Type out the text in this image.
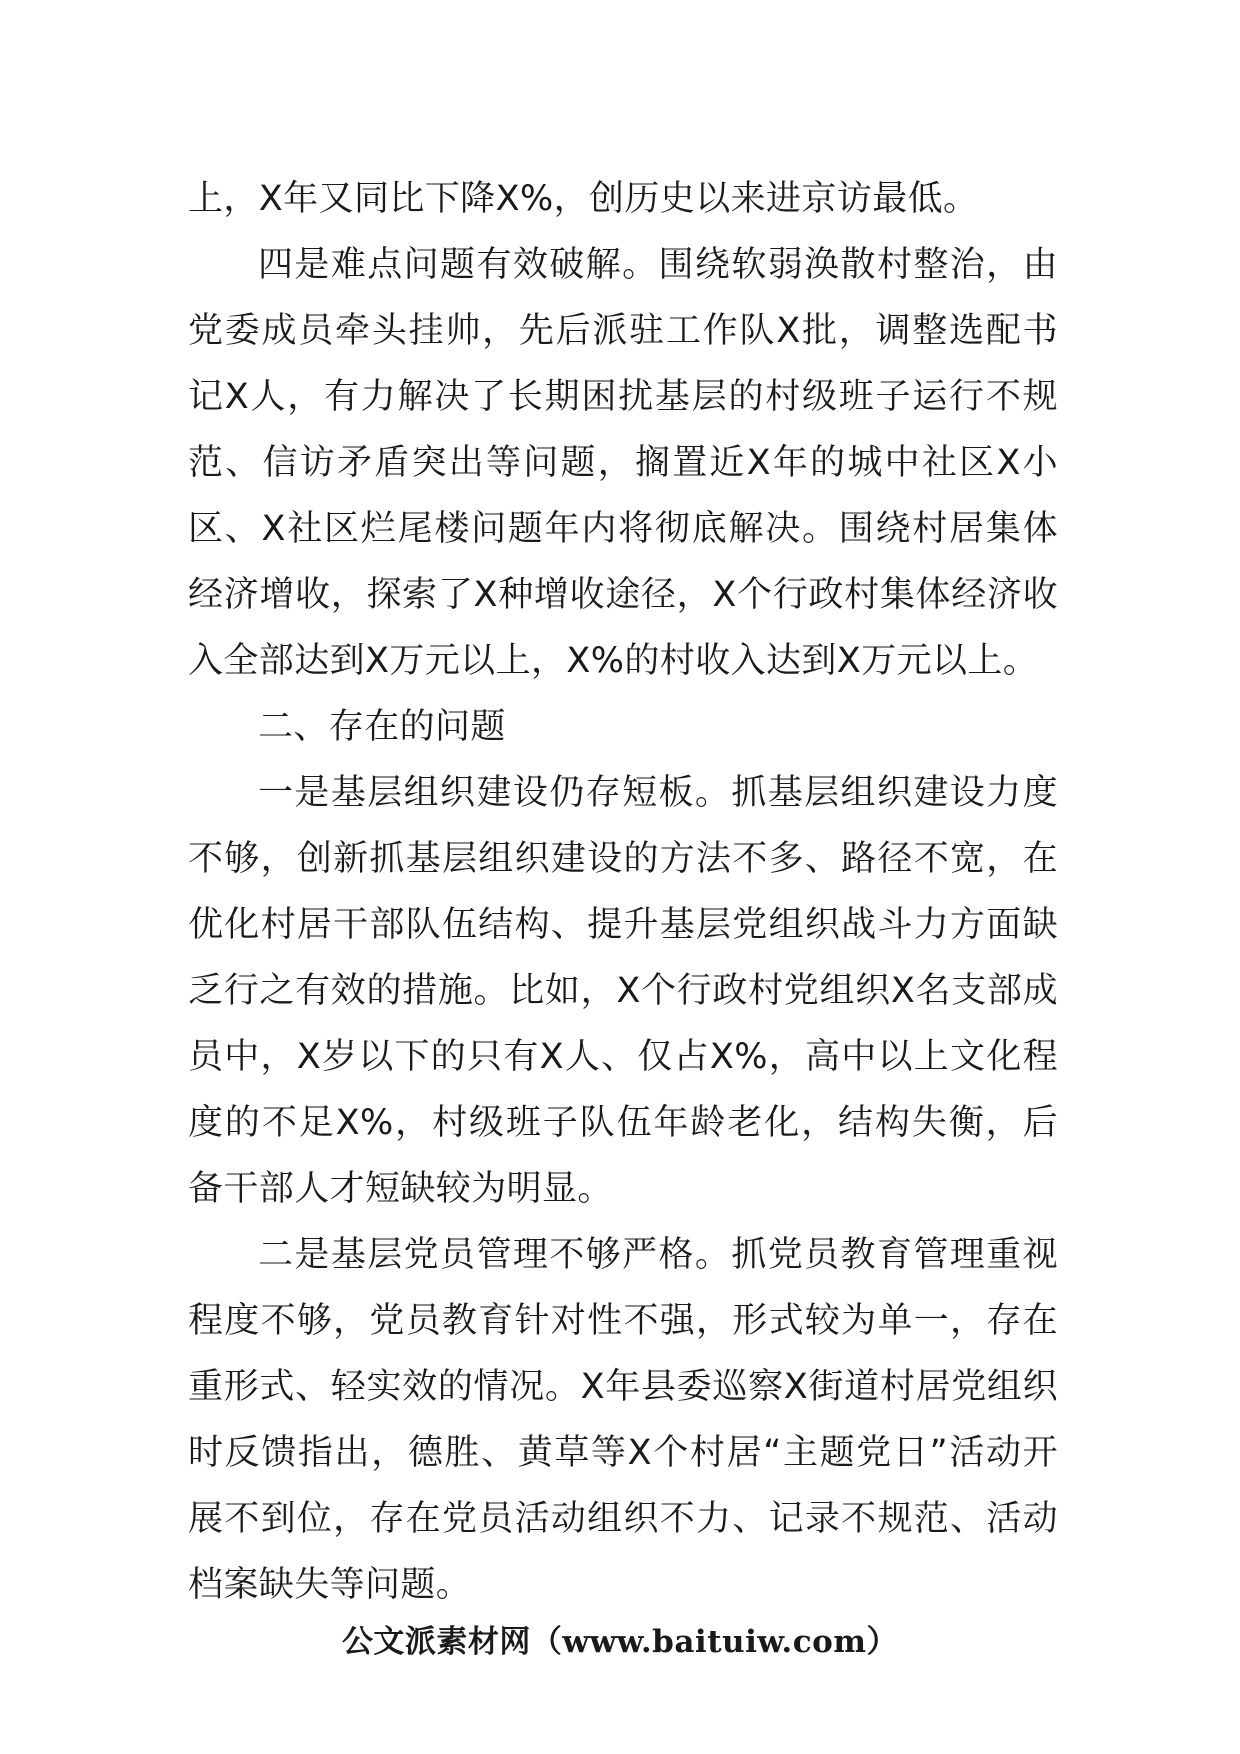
上，X年又同比下降X%，创历史以来进京访最低。

四是难点问题有效破解。围绕软弱涣散村整治，由党委成员牵头挂帅，先后派驻工作队X批，调整选配书记X人，有力解决了长期困扰基层的村级班子运行不规范、信访矛盾突出等问题，搁置近X年的城中社区X小区、X社区烂尾楼问题年内将彻底解决。围绕村居集体经济增收，探索了X种增收途径，X个行政村集体经济收入全部达到X万元以上，X%的村收入达到X万元以上。

二、存在的问题

一是基层组织建设仍存短板。抓基层组织建设力度不够，创新抓基层组织建设的方法不多、路径不宽，在优化村居干部队伍结构、提升基层党组织战斗力方面缺乏行之有效的措施。比如，X个行政村党组织X名支部成员中，X岁以下的只有X人、仅占X%，高中以上文化程度的不足X%，村级班子队伍年龄老化，结构失衡，后备干部人才短缺较为明显。

二是基层党员管理不够严格。抓党员教育管理重视程度不够，党员教育针对性不强，形式较为单一，存在重形式、轻实效的情况。X年县委巡察X街道村居党组织时反馈指出，德胜、黄草等X个村居“主题党日”活动开展不到位，存在党员活动组织不力、记录不规范、活动档案缺失等问题。

公文派素材网（www.baituiw.com）
